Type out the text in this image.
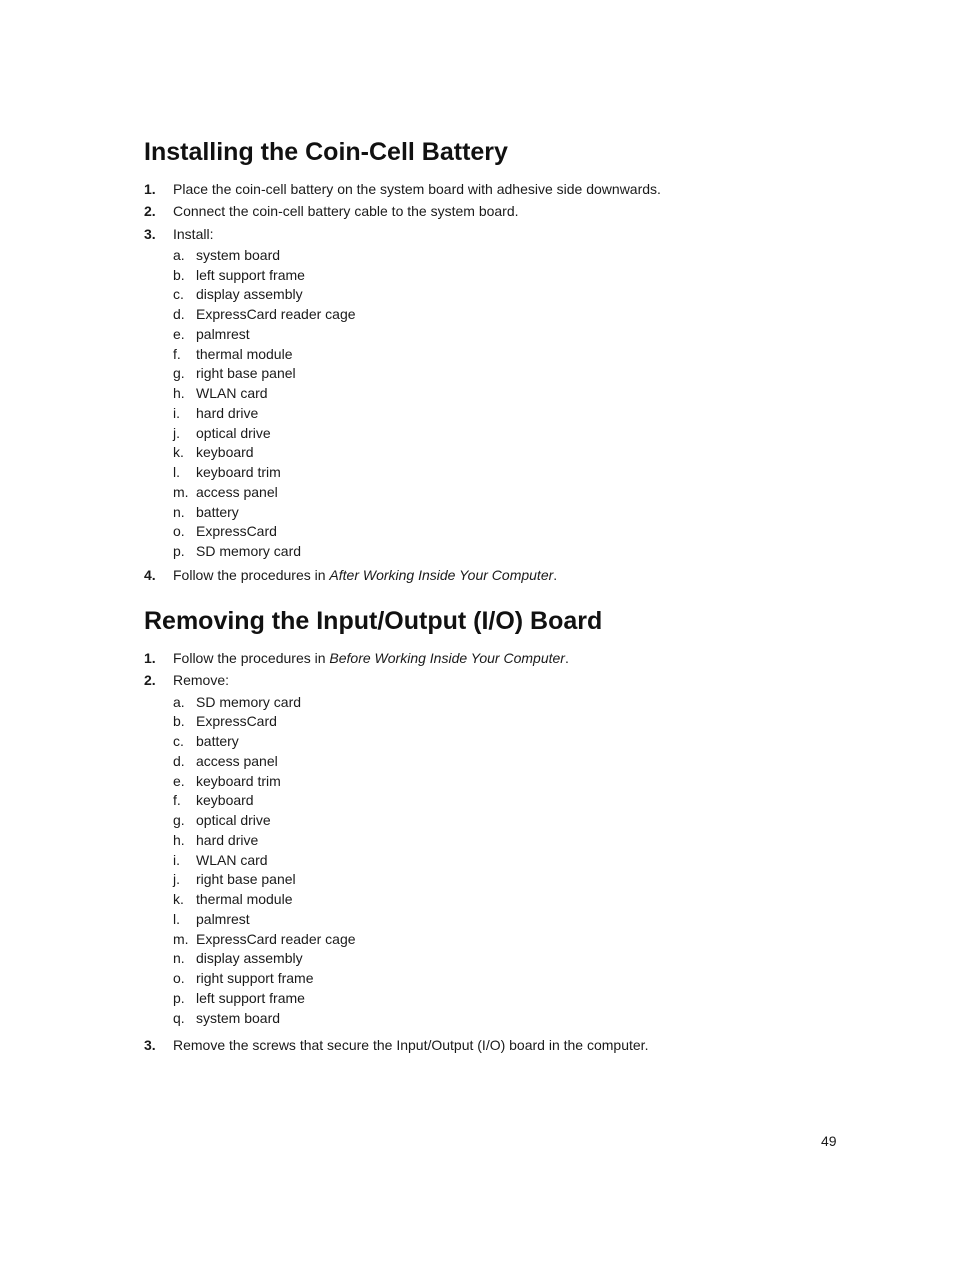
Installing the Coin-Cell Battery
1. Place the coin-cell battery on the system board with adhesive side downwards.
2. Connect the coin-cell battery cable to the system board.
3. Install:
a. system board
b. left support frame
c. display assembly
d. ExpressCard reader cage
e. palmrest
f. thermal module
g. right base panel
h. WLAN card
i. hard drive
j. optical drive
k. keyboard
l. keyboard trim
m. access panel
n. battery
o. ExpressCard
p. SD memory card
4. Follow the procedures in After Working Inside Your Computer.
Removing the Input/Output (I/O) Board
1. Follow the procedures in Before Working Inside Your Computer.
2. Remove:
a. SD memory card
b. ExpressCard
c. battery
d. access panel
e. keyboard trim
f. keyboard
g. optical drive
h. hard drive
i. WLAN card
j. right base panel
k. thermal module
l. palmrest
m. ExpressCard reader cage
n. display assembly
o. right support frame
p. left support frame
q. system board
3. Remove the screws that secure the Input/Output (I/O) board in the computer.
49
